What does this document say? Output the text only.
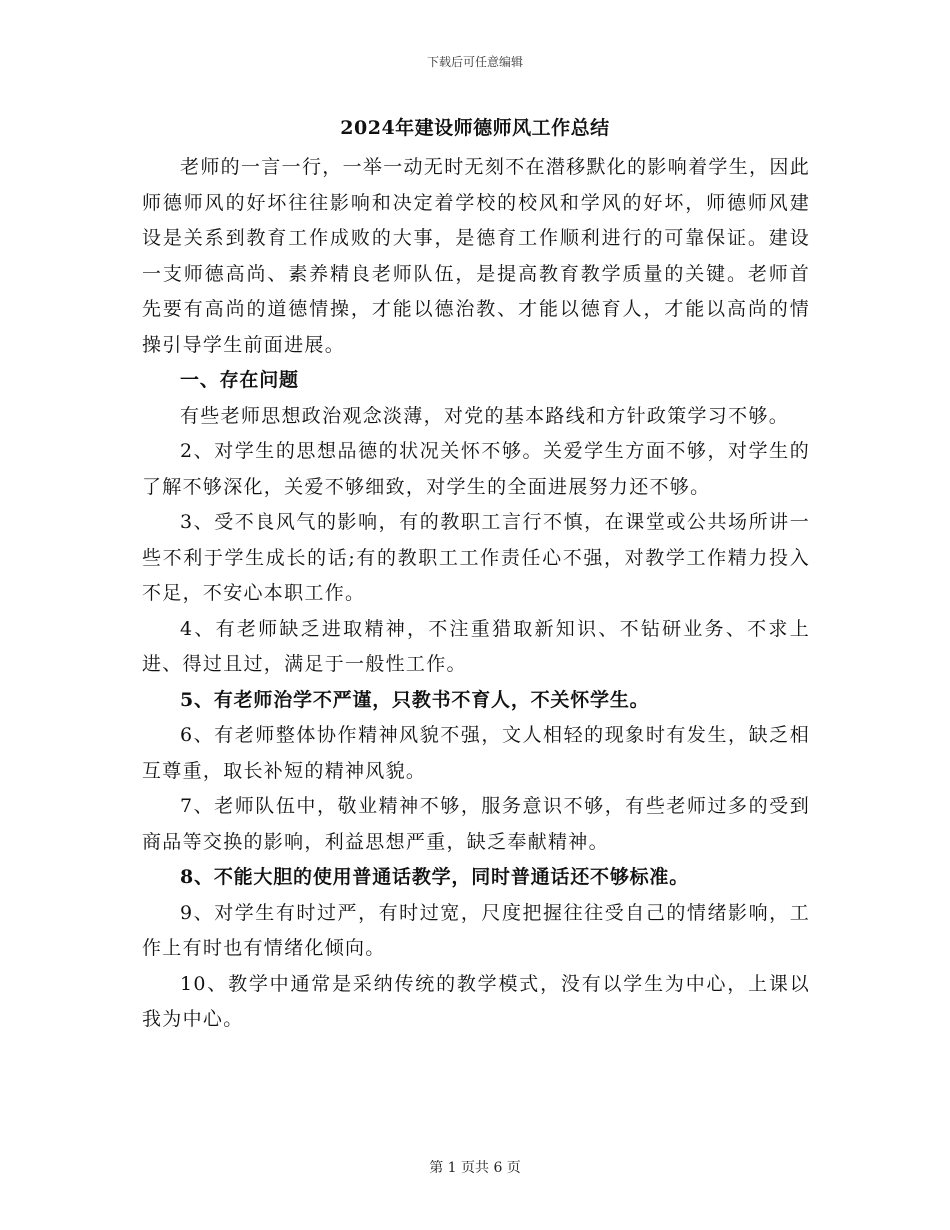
下载后可任意编辑
2024年建设师德师风工作总结

老师的一言一行，一举一动无时无刻不在潜移默化的影响着学生，因此师德师风的好坏往往影响和决定着学校的校风和学风的好坏，师德师风建设是关系到教育工作成败的大事，是德育工作顺利进行的可靠保证。建设一支师德高尚、素养精良老师队伍，是提高教育教学质量的关键。老师首先要有高尚的道德情操，才能以德治教、才能以德育人，才能以高尚的情操引导学生前面进展。

一、存在问题

有些老师思想政治观念淡薄，对党的基本路线和方针政策学习不够。

2、对学生的思想品德的状况关怀不够。关爱学生方面不够，对学生的了解不够深化，关爱不够细致，对学生的全面进展努力还不够。

3、受不良风气的影响，有的教职工言行不慎，在课堂或公共场所讲一些不利于学生成长的话;有的教职工工作责任心不强，对教学工作精力投入不足，不安心本职工作。

4、有老师缺乏进取精神，不注重猎取新知识、不钻研业务、不求上进、得过且过，满足于一般性工作。

5、有老师治学不严谨，只教书不育人，不关怀学生。

6、有老师整体协作精神风貌不强，文人相轻的现象时有发生，缺乏相互尊重，取长补短的精神风貌。

7、老师队伍中，敬业精神不够，服务意识不够，有些老师过多的受到商品等交换的影响，利益思想严重，缺乏奉献精神。

8、不能大胆的使用普通话教学，同时普通话还不够标准。

9、对学生有时过严，有时过宽，尺度把握往往受自己的情绪影响，工作上有时也有情绪化倾向。

10、教学中通常是采纳传统的教学模式，没有以学生为中心，上课以我为中心。

第 1 页共 6 页
